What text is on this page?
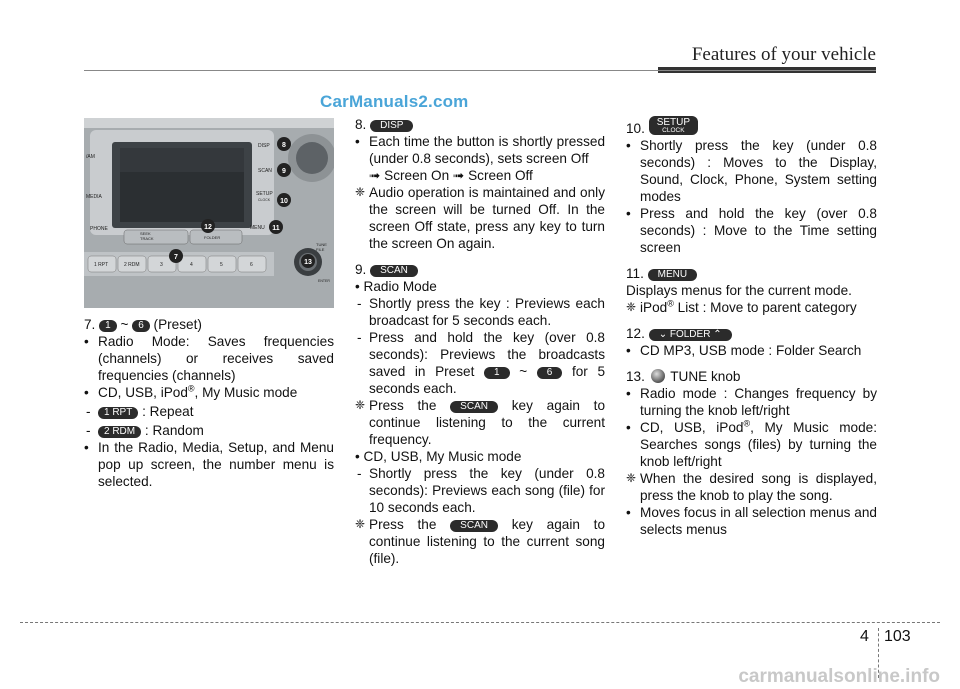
Features of your vehicle
CarManuals2.com
DISP
SCAN
SETUP
CLOCK
MENU
/AM
MEDIA
PHONE
SEEK
TRACK	FOLDER
1 RPT	2 RDM	3	4	5	6
TUNE
FILE
ENTER
8
9
10
11
12
13
7

7. 1 ~ 6 (Preset)

• Radio Mode: Saves frequencies (channels) or receives saved frequencies (channels)

• CD, USB, iPod®, My Music mode

- 1 RPT : Repeat

- 2 RDM : Random

• In the Radio, Media, Setup, and Menu pop up screen, the number menu is selected.

8. DISP

• Each time the button is shortly pressed (under 0.8 seconds), sets screen Off

➟ Screen On ➟ Screen Off

❈ Audio operation is maintained and only the screen will be turned Off. In the screen Off state, press any key to turn the screen On again.

9. SCAN

• Radio Mode

- Shortly press the key : Previews each broadcast for 5 seconds each.

- Press and hold the key (over 0.8 seconds): Previews the broadcasts saved in Preset 1 ~ 6 for 5 seconds each.

❈ Press the SCAN key again to continue listening to the current frequency.

• CD, USB, My Music mode

- Shortly press the key (under 0.8 seconds): Previews each song (file) for 10 seconds each.

❈ Press the SCAN key again to continue listening to the current song (file).

10. SETUP
CLOCK

• Shortly press the key (under 0.8 seconds) : Moves to the Display, Sound, Clock, Phone, System setting modes

• Press and hold the key (over 0.8 seconds) : Move to the Time setting screen

11. MENU

Displays menus for the current mode.

❈ iPod® List : Move to parent category

12. ⌄ FOLDER ⌃

• CD MP3, USB mode : Folder Search

13. TUNE knob

• Radio mode : Changes frequency by turning the knob left/right

• CD, USB, iPod®, My Music mode: Searches songs (files) by turning the knob left/right

❈ When the desired song is displayed, press the knob to play the song.

• Moves focus in all selection menus and selects menus

4 103
carmanualsonline.info
